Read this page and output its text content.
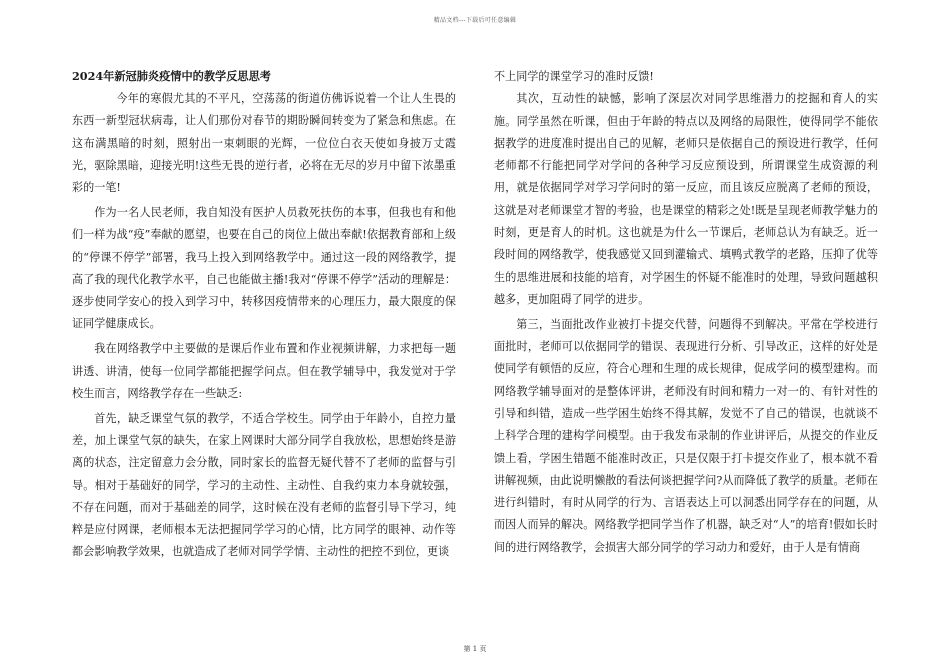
精品文档---下载后可任意编辑
2024年新冠肺炎疫情中的教学反思思考

今年的寒假尤其的不平凡，空荡荡的街道仿佛诉说着一个让人生畏的东西一新型冠状病毒，让人们那份对春节的期盼瞬间转变为了紧急和焦虑。在这布满黑暗的时刻，照射出一束刺眼的光辉，一位位白衣天使如身披万丈霞光，驱除黑暗，迎接光明!这些无畏的逆行者，必将在无尽的岁月中留下浓墨重彩的一笔!

作为一名人民老师，我自知没有医护人员救死扶伤的本事，但我也有和他们一样为战“疫”奉献的愿望，也要在自己的岗位上做出奉献!依据教育部和上级的“停课不停学”部署，我马上投入到网络教学中。通过这一段的网络教学，提高了我的现代化教学水平，自己也能做主播!我对“停课不停学”活动的理解是：逐步使同学安心的投入到学习中，转移因疫情带来的心理压力，最大限度的保证同学健康成长。

我在网络教学中主要做的是课后作业布置和作业视频讲解，力求把每一题讲透、讲清，使每一位同学都能把握学问点。但在教学辅导中，我发觉对于学校生而言，网络教学存在一些缺乏:

首先，缺乏课堂气氛的教学，不适合学校生。同学由于年龄小，自控力量差，加上课堂气氛的缺失，在家上网课时大部分同学自我放松，思想始终是游离的状态，注定留意力会分散，同时家长的监督无疑代替不了老师的监督与引导。相对于基础好的同学，学习的主动性、主动性、自我约束力本身就较强，不存在问题，而对于基础差的同学，这时候在没有老师的监督引导下学习，纯粹是应付网课，老师根本无法把握同学学习的心情，比方同学的眼神、动作等都会影响教学效果，也就造成了老师对同学学情、主动性的把控不到位，更谈

不上同学的课堂学习的准时反馈!

其次，互动性的缺憾，影响了深层次对同学思维潜力的挖掘和育人的实施。同学虽然在听课，但由于年龄的特点以及网络的局限性，使得同学不能依据教学的进度准时提出自己的见解，老师只是依据自己的预设进行教学，任何老师都不行能把同学对学问的各种学习反应预设到，所谓课堂生成资源的利用，就是依据同学对学习学问时的第一反应，而且该反应脱离了老师的预设，这就是对老师课堂才智的考验，也是课堂的精彩之处!既是呈现老师教学魅力的时刻，更是育人的时机。这也就是为什么一节课后，老师总认为有缺乏。近一段时间的网络教学，使我感觉又回到灌输式、填鸭式教学的老路，压抑了优等生的思维进展和技能的培育，对学困生的怀疑不能准时的处理，导致问题越积越多，更加阻碍了同学的进步。

第三，当面批改作业被打卡提交代替，问题得不到解决。平常在学校进行面批时，老师可以依据同学的错误、表现进行分析、引导改正，这样的好处是使同学有顿悟的反应，符合心理和生理的成长规律，促成学问的模型建构。而网络教学辅导面对的是整体评讲，老师没有时间和精力一对一的、有针对性的引导和纠错，造成一些学困生始终不得其解，发觉不了自己的错误，也就谈不上科学合理的建构学问模型。由于我发布录制的作业讲评后，从提交的作业反馈上看，学困生错题不能准时改正，只是仅限于打卡提交作业了，根本就不看讲解视频，由此说明懒散的看法何谈把握学问?从而降低了教学的质量。老师在进行纠错时，有时从同学的行为、言语表达上可以洞悉出同学存在的问题，从而因人而异的解决。网络教学把同学当作了机器，缺乏对“人”的培育!假如长时间的进行网络教学，会损害大部分同学的学习动力和爱好，由于人是有情商

第 1 页
